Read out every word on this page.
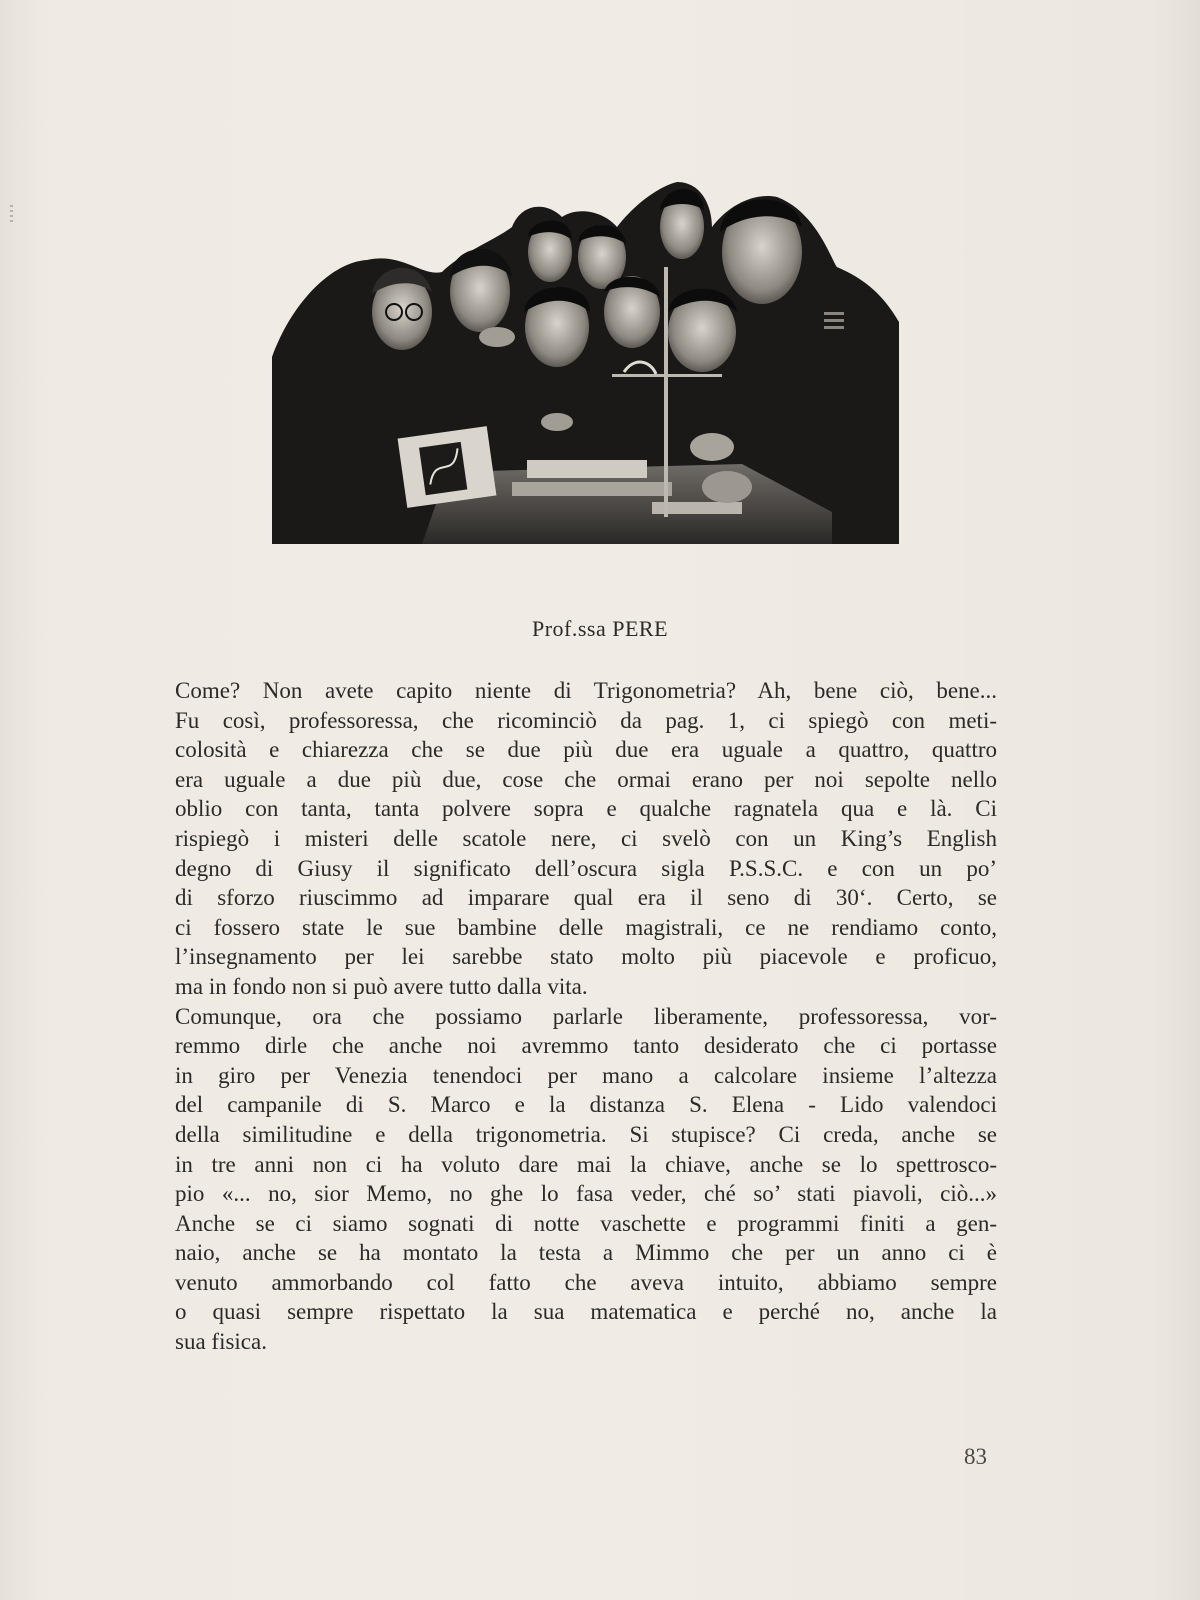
Prof.ssa PERE
Come? Non avete capito niente di Trigonometria? Ah, bene ciò, bene...
Fu così, professoressa, che ricominciò da pag. 1, ci spiegò con meti-
colosità e chiarezza che se due più due era uguale a quattro, quattro
era uguale a due più due, cose che ormai erano per noi sepolte nello
oblio con tanta, tanta polvere sopra e qualche ragnatela qua e là. Ci
rispiegò i misteri delle scatole nere, ci svelò con un King’s English
degno di Giusy il significato dell’oscura sigla P.S.S.C. e con un po’
di sforzo riuscimmo ad imparare qual era il seno di 30‘. Certo, se
ci fossero state le sue bambine delle magistrali, ce ne rendiamo conto,
l’insegnamento per lei sarebbe stato molto più piacevole e proficuo,
ma in fondo non si può avere tutto dalla vita.
Comunque, ora che possiamo parlarle liberamente, professoressa, vor-
remmo dirle che anche noi avremmo tanto desiderato che ci portasse
in giro per Venezia tenendoci per mano a calcolare insieme l’altezza
del campanile di S. Marco e la distanza S. Elena - Lido valendoci
della similitudine e della trigonometria. Si stupisce? Ci creda, anche se
in tre anni non ci ha voluto dare mai la chiave, anche se lo spettrosco-
pio «... no, sior Memo, no ghe lo fasa veder, ché so’ stati piavoli, ciò...»
Anche se ci siamo sognati di notte vaschette e programmi finiti a gen-
naio, anche se ha montato la testa a Mimmo che per un anno ci è
venuto ammorbando col fatto che aveva intuito, abbiamo sempre
o quasi sempre rispettato la sua matematica e perché no, anche la
sua fisica.
83
